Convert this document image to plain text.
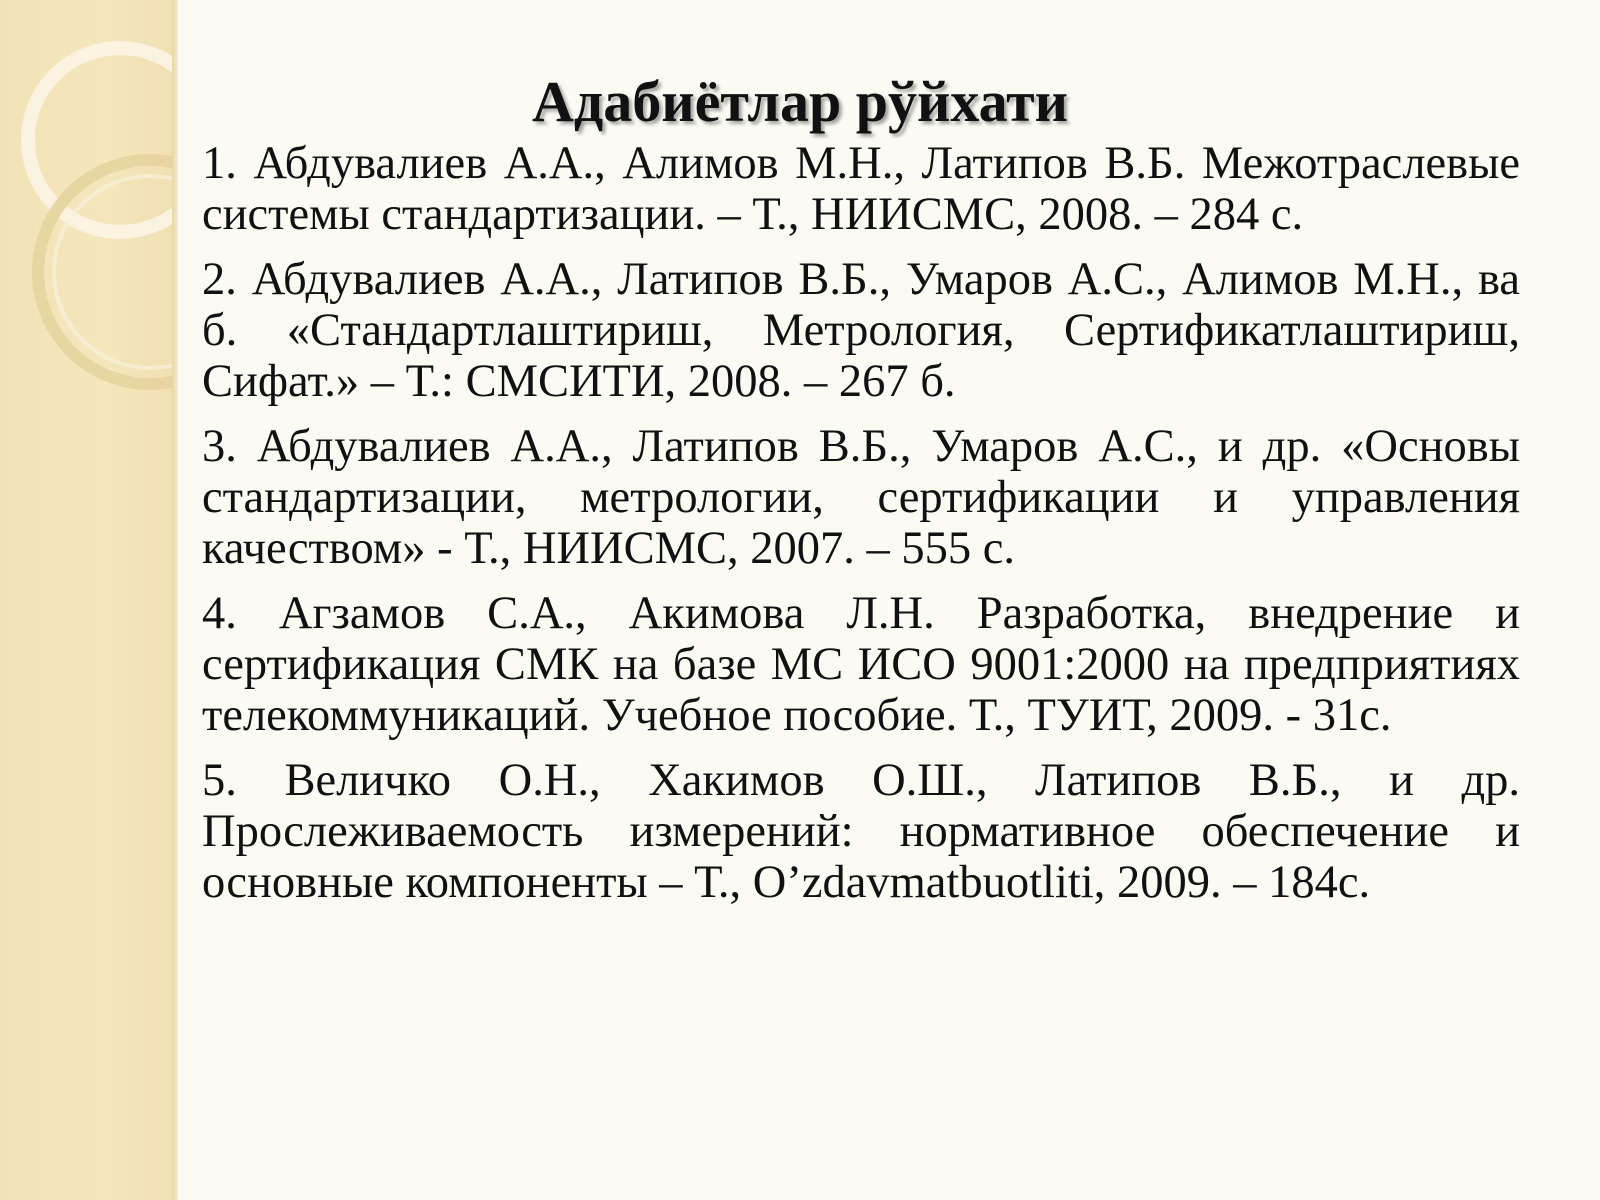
Адабиётлар рўйхати
1. Абдувалиев А.А., Алимов М.Н., Латипов В.Б. Межотраслевые системы стандартизации. – Т., НИИСМС, 2008. – 284 с.
2. Абдувалиев А.А., Латипов В.Б., Умаров А.С., Алимов М.Н., ва б. «Стандартлаштириш, Метрология, Сертификатлаштириш, Сифат.» – Т.: СМСИТИ, 2008. – 267 б.
3. Абдувалиев А.А., Латипов В.Б., Умаров А.С., и др. «Основы стандартизации, метрологии, сертификации и управления качеством» - Т., НИИСМС, 2007. – 555 с.
4. Агзамов С.А., Акимова Л.Н. Разработка, внедрение и сертификация СМК на базе МС ИСО 9001:2000 на предприятиях телекоммуникаций. Учебное пособие. Т., ТУИТ, 2009. - 31с.
5. Величко О.Н., Хакимов О.Ш., Латипов В.Б., и др. Прослеживаемость измерений: нормативное обеспечение и основные компоненты – Т., O’zdavmatbuotliti, 2009. – 184с.
